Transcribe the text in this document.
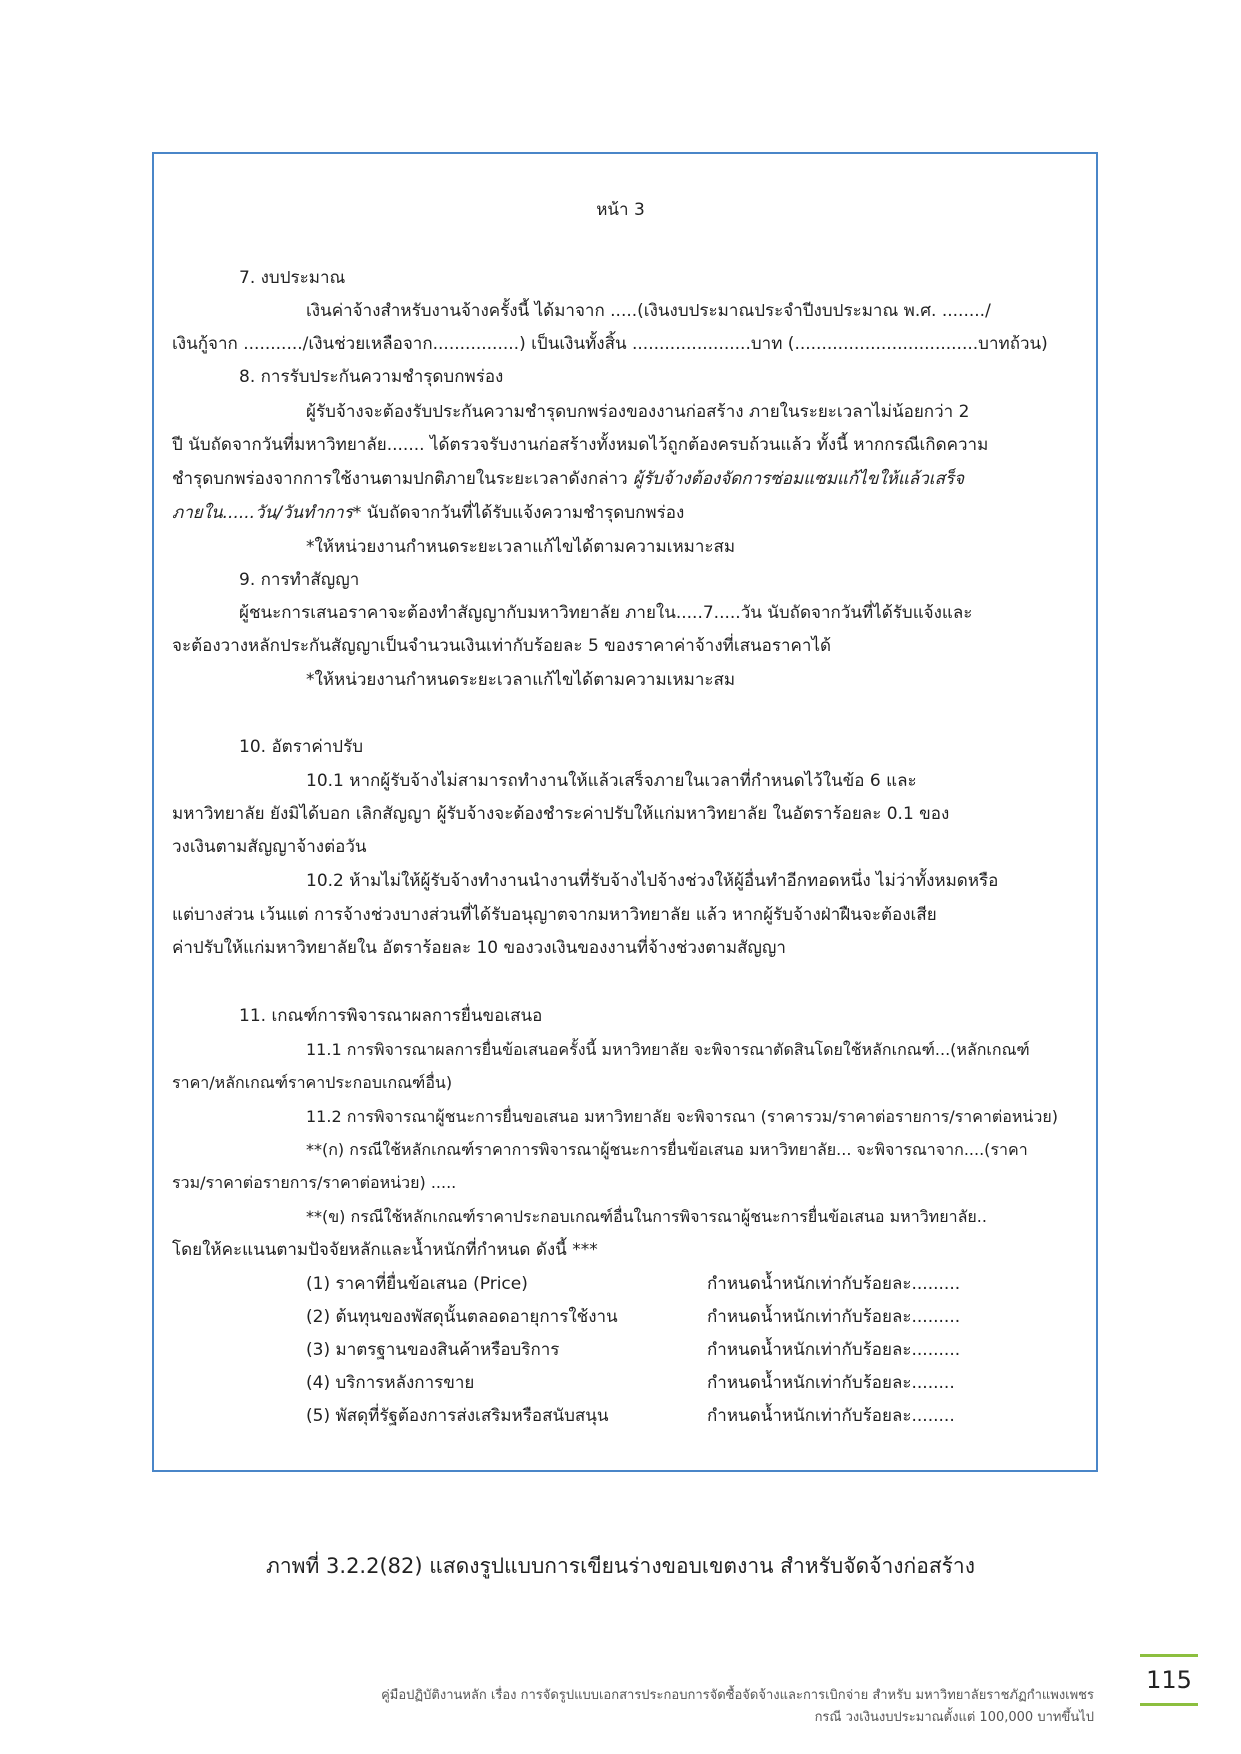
หน้า 3
7. งบประมาณ
เงินค่าจ้างสำหรับงานจ้างครั้งนี้ ได้มาจาก .....(เงินงบประมาณประจำปีงบประมาณ พ.ศ. ......../
เงินกู้จาก .........../เงินช่วยเหลือจาก................) เป็นเงินทั้งสิ้น ......................บาท (..................................บาทถ้วน)
8. การรับประกันความชำรุดบกพร่อง
ผู้รับจ้างจะต้องรับประกันความชำรุดบกพร่องของงานก่อสร้าง ภายในระยะเวลาไม่น้อยกว่า 2
ปี นับถัดจากวันที่มหาวิทยาลัย....... ได้ตรวจรับงานก่อสร้างทั้งหมดไว้ถูกต้องครบถ้วนแล้ว ทั้งนี้ หากกรณีเกิดความ
ชำรุดบกพร่องจากการใช้งานตามปกติภายในระยะเวลาดังกล่าว ผู้รับจ้างต้องจัดการซ่อมแซมแก้ไขให้แล้วเสร็จ
ภายใน......วัน/วันทำการ* นับถัดจากวันที่ได้รับแจ้งความชำรุดบกพร่อง
*ให้หน่วยงานกำหนดระยะเวลาแก้ไขได้ตามความเหมาะสม
9. การทำสัญญา
ผู้ชนะการเสนอราคาจะต้องทำสัญญากับมหาวิทยาลัย ภายใน.....7.....วัน นับถัดจากวันที่ได้รับแจ้งและ
จะต้องวางหลักประกันสัญญาเป็นจำนวนเงินเท่ากับร้อยละ 5 ของราคาค่าจ้างที่เสนอราคาได้
*ให้หน่วยงานกำหนดระยะเวลาแก้ไขได้ตามความเหมาะสม
10. อัตราค่าปรับ
10.1 หากผู้รับจ้างไม่สามารถทำงานให้แล้วเสร็จภายในเวลาที่กำหนดไว้ในข้อ 6 และ
มหาวิทยาลัย ยังมิได้บอก เลิกสัญญา ผู้รับจ้างจะต้องชำระค่าปรับให้แก่มหาวิทยาลัย ในอัตราร้อยละ 0.1 ของ
วงเงินตามสัญญาจ้างต่อวัน
10.2 ห้ามไม่ให้ผู้รับจ้างทำงานนำงานที่รับจ้างไปจ้างช่วงให้ผู้อื่นทำอีกทอดหนึ่ง ไม่ว่าทั้งหมดหรือ
แต่บางส่วน เว้นแต่ การจ้างช่วงบางส่วนที่ได้รับอนุญาตจากมหาวิทยาลัย แล้ว หากผู้รับจ้างฝ่าฝืนจะต้องเสีย
ค่าปรับให้แก่มหาวิทยาลัยใน อัตราร้อยละ 10 ของวงเงินของงานที่จ้างช่วงตามสัญญา
11. เกณฑ์การพิจารณาผลการยื่นขอเสนอ
11.1 การพิจารณาผลการยื่นข้อเสนอครั้งนี้ มหาวิทยาลัย จะพิจารณาตัดสินโดยใช้หลักเกณฑ์...(หลักเกณฑ์
ราคา/หลักเกณฑ์ราคาประกอบเกณฑ์อื่น)
11.2 การพิจารณาผู้ชนะการยื่นขอเสนอ มหาวิทยาลัย จะพิจารณา (ราคารวม/ราคาต่อรายการ/ราคาต่อหน่วย)
**(ก) กรณีใช้หลักเกณฑ์ราคาการพิจารณาผู้ชนะการยื่นข้อเสนอ มหาวิทยาลัย... จะพิจารณาจาก....(ราคา
รวม/ราคาต่อรายการ/ราคาต่อหน่วย) .....
**(ข) กรณีใช้หลักเกณฑ์ราคาประกอบเกณฑ์อื่นในการพิจารณาผู้ชนะการยื่นข้อเสนอ มหาวิทยาลัย..
โดยให้คะแนนตามปัจจัยหลักและน้ำหนักที่กำหนด ดังนี้ ***
(1) ราคาที่ยื่นข้อเสนอ (Price)	กำหนดน้ำหนักเท่ากับร้อยละ.........
(2) ต้นทุนของพัสดุนั้นตลอดอายุการใช้งาน	กำหนดน้ำหนักเท่ากับร้อยละ.........
(3) มาตรฐานของสินค้าหรือบริการ	กำหนดน้ำหนักเท่ากับร้อยละ.........
(4) บริการหลังการขาย	กำหนดน้ำหนักเท่ากับร้อยละ........
(5) พัสดุที่รัฐต้องการส่งเสริมหรือสนับสนุน	กำหนดน้ำหนักเท่ากับร้อยละ........
ภาพที่ 3.2.2(82) แสดงรูปแบบการเขียนร่างขอบเขตงาน สำหรับจัดจ้างก่อสร้าง
คู่มือปฏิบัติงานหลัก เรื่อง การจัดรูปแบบเอกสารประกอบการจัดซื้อจัดจ้างและการเบิกจ่าย สำหรับ มหาวิทยาลัยราชภัฏกำแพงเพชร
กรณี วงเงินงบประมาณตั้งแต่ 100,000 บาทขึ้นไป
115
